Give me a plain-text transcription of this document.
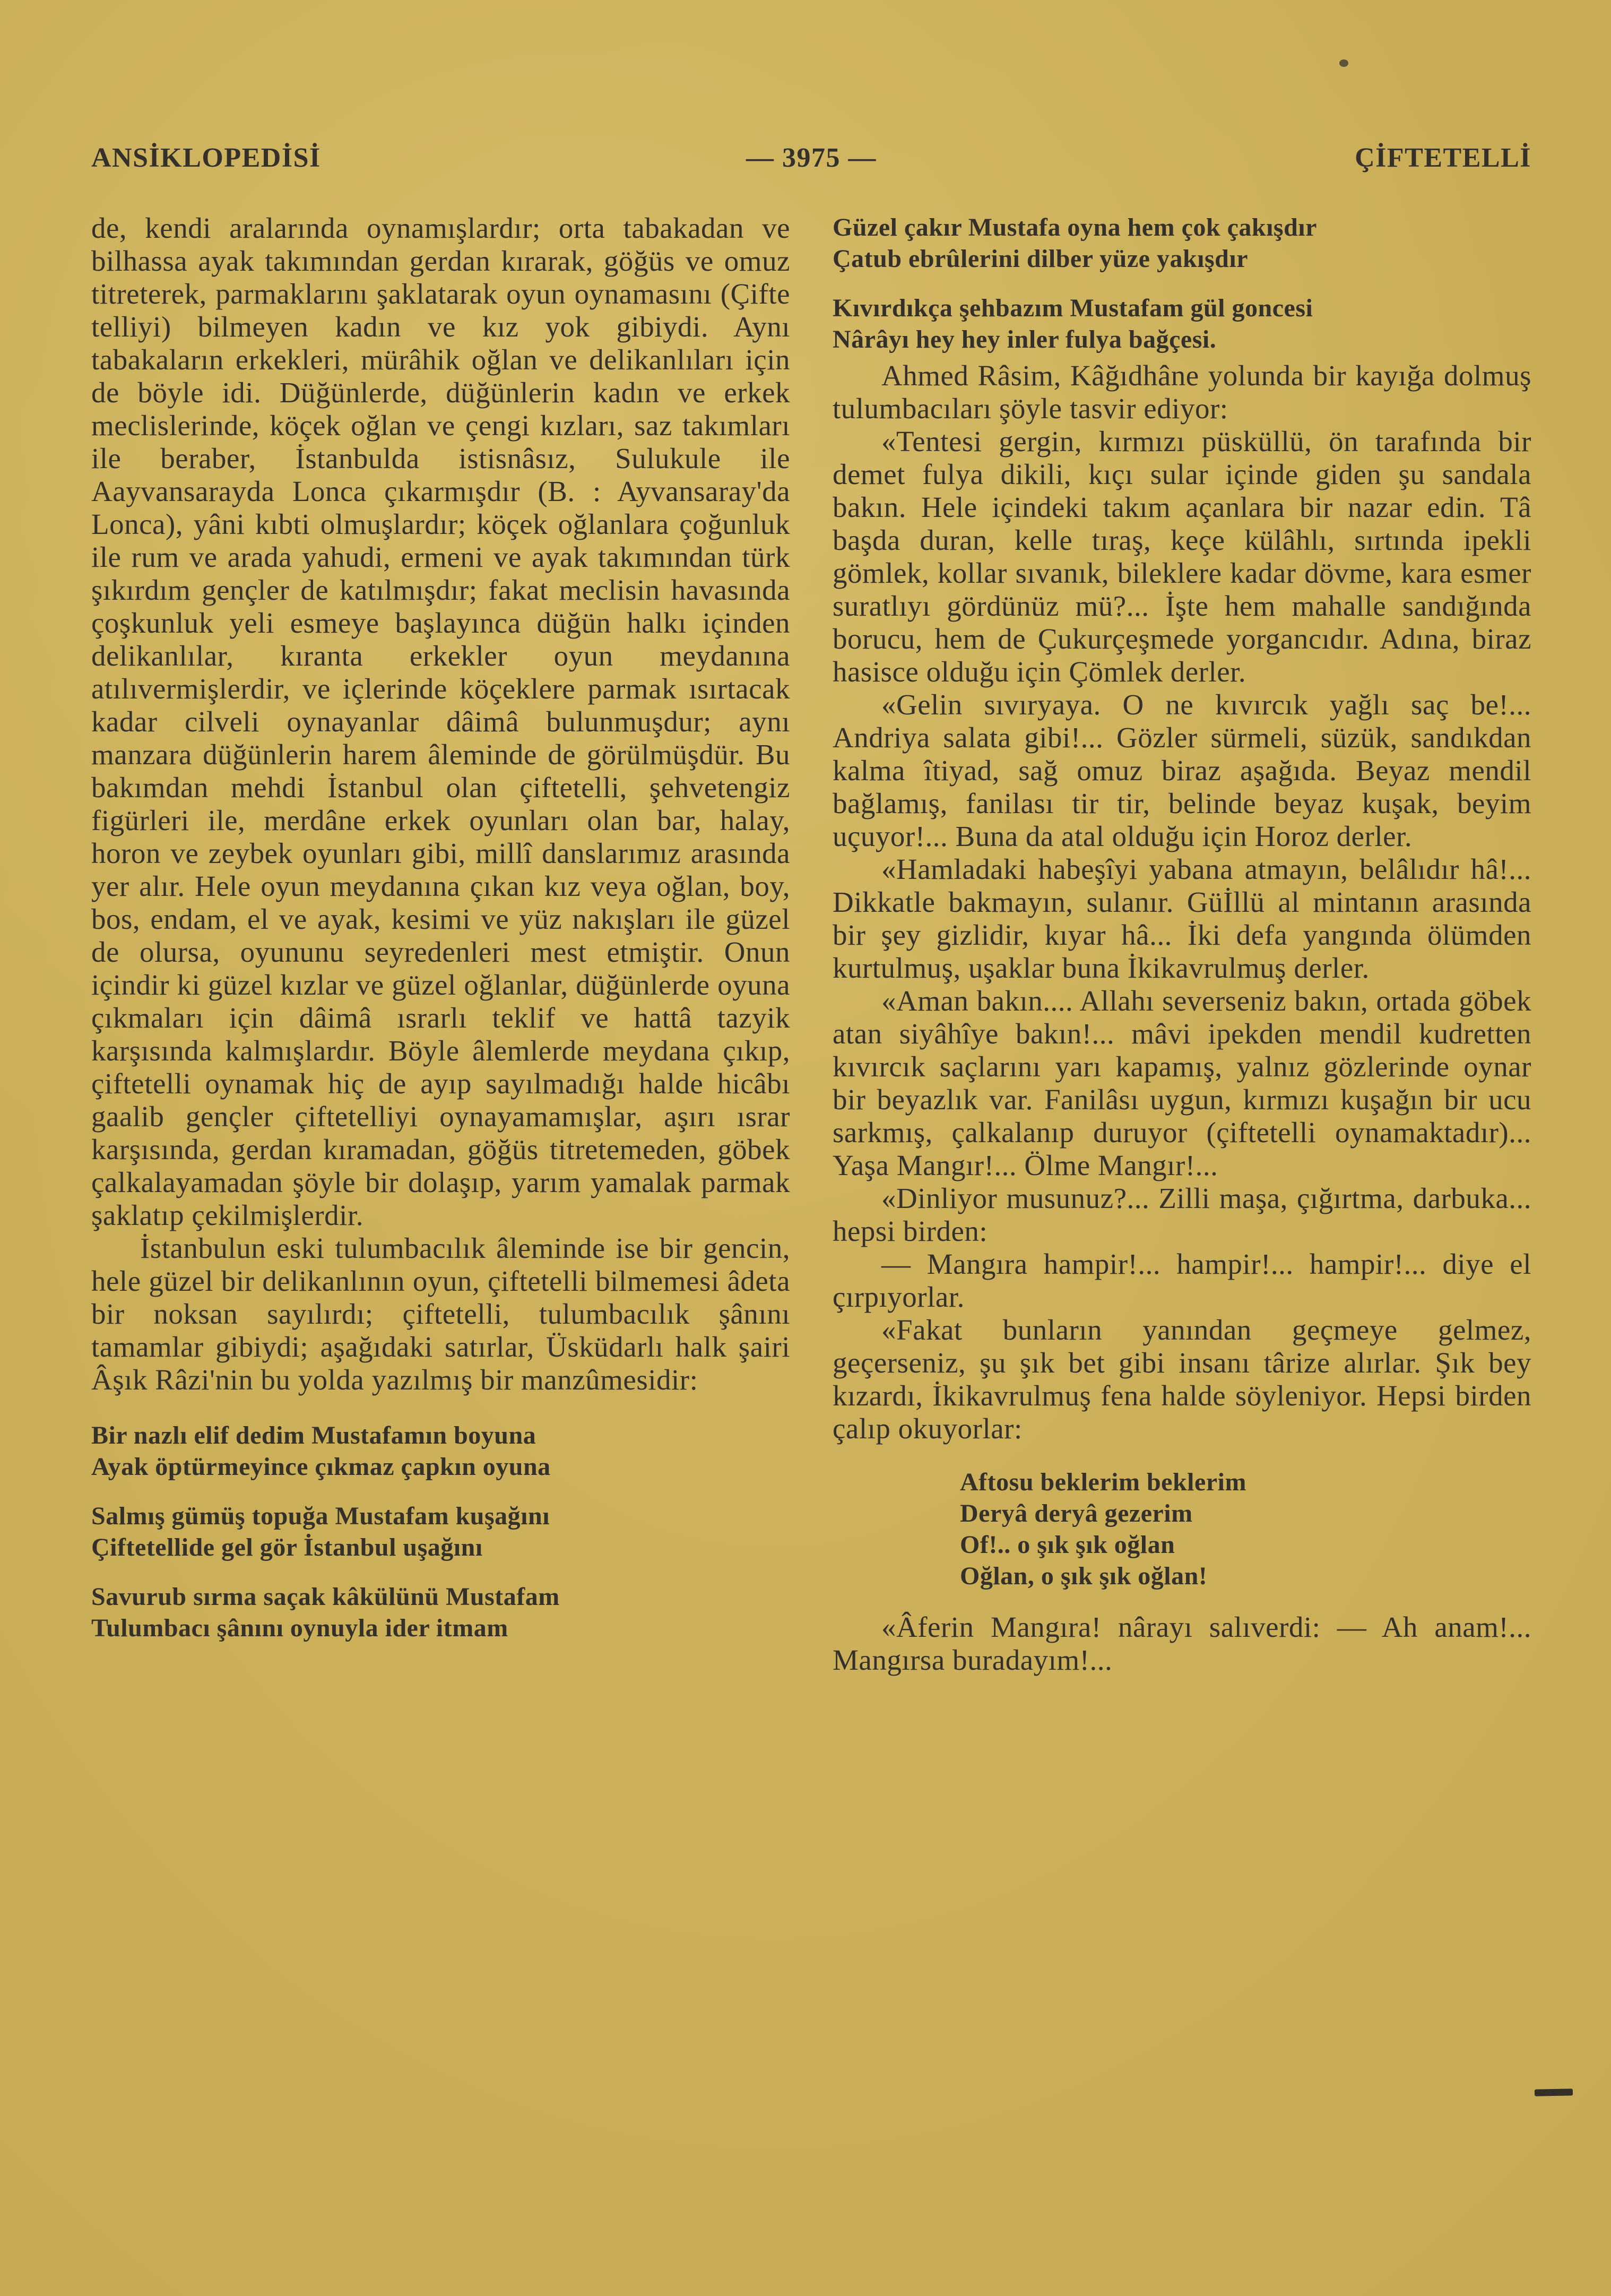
ANSİKLOPEDİSİ	— 3975 —	ÇİFTETELLİ

de, kendi aralarında oynamışlardır; orta tabakadan ve bilhassa ayak takımından gerdan kırarak, göğüs ve omuz titreterek, parmaklarını şaklatarak oyun oynamasını (Çifte telliyi) bilmeyen kadın ve kız yok gibiydi. Aynı tabakaların erkekleri, mürâhik oğlan ve delikanlıları için de böyle idi. Düğünlerde, düğünlerin kadın ve erkek meclislerinde, köçek oğlan ve çengi kızları, saz takımları ile beraber, İstanbulda istisnâsız, Sulukule ile Aayvansarayda Lonca çıkarmışdır (B. : Ayvansaray'da Lonca), yâni kıbti olmuşlardır; köçek oğlanlara çoğunluk ile rum ve arada yahudi, ermeni ve ayak takımından türk şıkırdım gençler de katılmışdır; fakat meclisin havasında çoşkunluk yeli esmeye başlayınca düğün halkı içinden delikanlılar, kıranta erkekler oyun meydanına atılıvermişlerdir, ve içlerinde köçeklere parmak ısırtacak kadar cilveli oynayanlar dâimâ bulunmuşdur; aynı manzara düğünlerin harem âleminde de görülmüşdür. Bu bakımdan mehdi İstanbul olan çiftetelli, şehvetengiz figürleri ile, merdâne erkek oyunları olan bar, halay, horon ve zeybek oyunları gibi, millî danslarımız arasında yer alır. Hele oyun meydanına çıkan kız veya oğlan, boy, bos, endam, el ve ayak, kesimi ve yüz nakışları ile güzel de olursa, oyununu seyredenleri mest etmiştir. Onun içindir ki güzel kızlar ve güzel oğlanlar, düğünlerde oyuna çıkmaları için dâimâ ısrarlı teklif ve hattâ tazyik karşısında kalmışlardır. Böyle âlemlerde meydana çıkıp, çiftetelli oynamak hiç de ayıp sayılmadığı halde hicâbı gaalib gençler çiftetelliyi oynayamamışlar, aşırı ısrar karşısında, gerdan kıramadan, göğüs titretemeden, göbek çalkalayamadan şöyle bir dolaşıp, yarım yamalak parmak şaklatıp çekilmişlerdir.

İstanbulun eski tulumbacılık âleminde ise bir gencin, hele güzel bir delikanlının oyun, çiftetelli bilmemesi âdeta bir noksan sayılırdı; çiftetelli, tulumbacılık şânını tamamlar gibiydi; aşağıdaki satırlar, Üsküdarlı halk şairi Âşık Râzi'nin bu yolda yazılmış bir manzûmesidir:

Bir nazlı elif dedim Mustafamın boyuna
Ayak öptürmeyince çıkmaz çapkın oyuna
Salmış gümüş topuğa Mustafam kuşağını
Çiftetellide gel gör İstanbul uşağını
Savurub sırma saçak kâkülünü Mustafam
Tulumbacı şânını oynuyla ider itmam
Güzel çakır Mustafa oyna hem çok çakışdır
Çatub ebrûlerini dilber yüze yakışdır
Kıvırdıkça şehbazım Mustafam gül goncesi
Nârâyı hey hey inler fulya bağçesi.

Ahmed Râsim, Kâğıdhâne yolunda bir kayığa dolmuş tulumbacıları şöyle tasvir ediyor:

«Tentesi gergin, kırmızı püsküllü, ön tarafında bir demet fulya dikili, kıçı sular içinde giden şu sandala bakın. Hele içindeki takım açanlara bir nazar edin. Tâ başda duran, kelle tıraş, keçe külâhlı, sırtında ipekli gömlek, kollar sıvanık, bileklere kadar dövme, kara esmer suratlıyı gördünüz mü?... İşte hem mahalle sandığında borucu, hem de Çukurçeşmede yorgancıdır. Adına, biraz hasisce olduğu için Çömlek derler.

«Gelin sıvıryaya. O ne kıvırcık yağlı saç be!... Andriya salata gibi!... Gözler sürmeli, süzük, sandıkdan kalma îtiyad, sağ omuz biraz aşağıda. Beyaz mendil bağlamış, fanilası tir tir, belinde beyaz kuşak, beyim uçuyor!... Buna da atal olduğu için Horoz derler.

«Hamladaki habeşîyi yabana atmayın, belâlıdır hâ!... Dikkatle bakmayın, sulanır. Güİllü al mintanın arasında bir şey gizlidir, kıyar hâ... İki defa yangında ölümden kurtulmuş, uşaklar buna İkikavrulmuş derler.

«Aman bakın.... Allahı severseniz bakın, ortada göbek atan siyâhîye bakın!... mâvi ipekden mendil kudretten kıvırcık saçlarını yarı kapamış, yalnız gözlerinde oynar bir beyazlık var. Fanilâsı uygun, kırmızı kuşağın bir ucu sarkmış, çalkalanıp duruyor (çiftetelli oynamaktadır)... Yaşa Mangır!... Ölme Mangır!...

«Dinliyor musunuz?... Zilli maşa, çığırtma, darbuka... hepsi birden:

— Mangıra hampir!... hampir!... hampir!... diye el çırpıyorlar.

«Fakat bunların yanından geçmeye gelmez, geçerseniz, şu şık bet gibi insanı târize alırlar. Şık bey kızardı, İkikavrulmuş fena halde söyleniyor. Hepsi birden çalıp okuyorlar:

Aftosu beklerim beklerim
Deryâ deryâ gezerim
Of!.. o şık şık oğlan
Oğlan, o şık şık oğlan!

«Âferin Mangıra! nârayı salıverdi: — Ah anam!... Mangırsa buradayım!...
